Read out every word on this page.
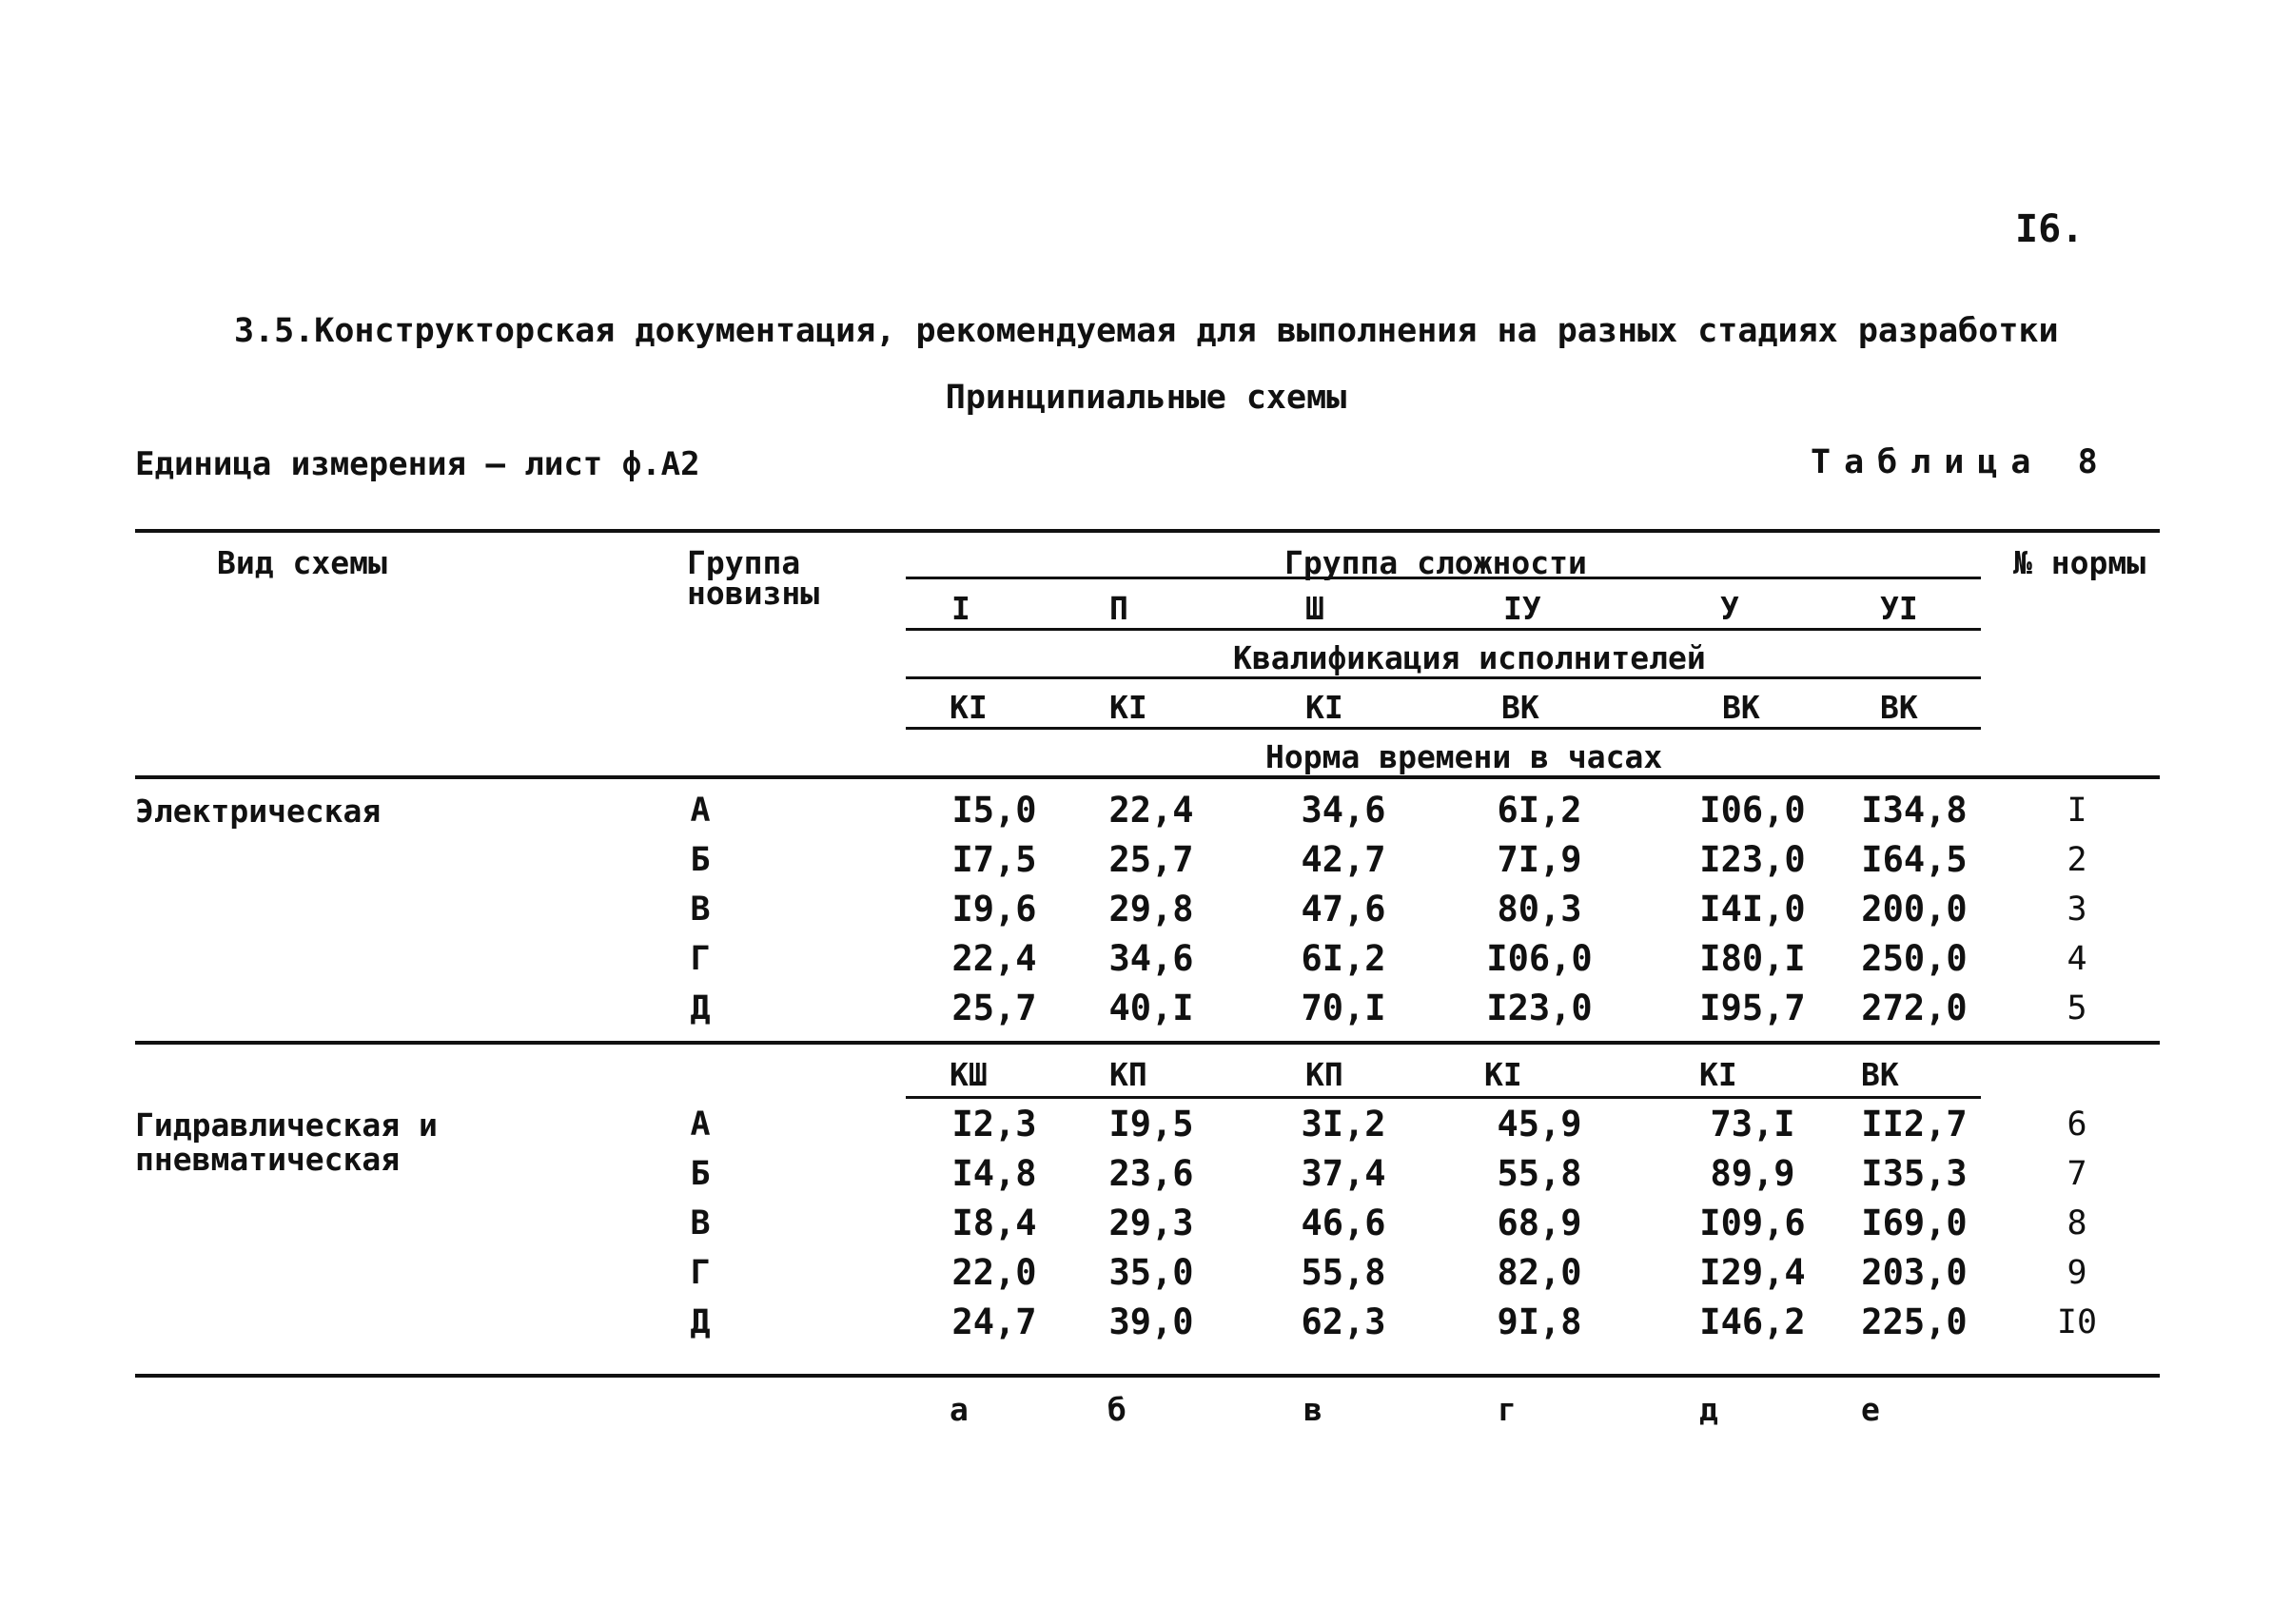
I6.
3.5.Конструкторская документация, рекомендуемая для выполнения на разных стадиях разработки
Принципиальные схемы
Единица измерения – лист ф.А2	Таблица 8
Вид схемы	Группа
новизны
Группа сложности	№ нормы
I	П	Ш	IУ	У	УI
Квалификация исполнителей
КI	КI	КI	ВК	ВК	ВК
Норма времени в часах
Электрическая	А	I5,0	22,4	34,6	6I,2	I06,0	I34,8	I
Б	I7,5	25,7	42,7	7I,9	I23,0	I64,5	2
В	I9,6	29,8	47,6	80,3	I4I,0	200,0	3
Г	22,4	34,6	6I,2	I06,0	I80,I	250,0	4
Д	25,7	40,I	70,I	I23,0	I95,7	272,0	5
КШ	КП	КП	КI	КI	ВК
Гидравлическая и
пневматическая
А	I2,3	I9,5	3I,2	45,9	73,I	II2,7	6
Б	I4,8	23,6	37,4	55,8	89,9	I35,3	7
В	I8,4	29,3	46,6	68,9	I09,6	I69,0	8
Г	22,0	35,0	55,8	82,0	I29,4	203,0	9
Д	24,7	39,0	62,3	9I,8	I46,2	225,0	I0
а	б	в	г	д	е
